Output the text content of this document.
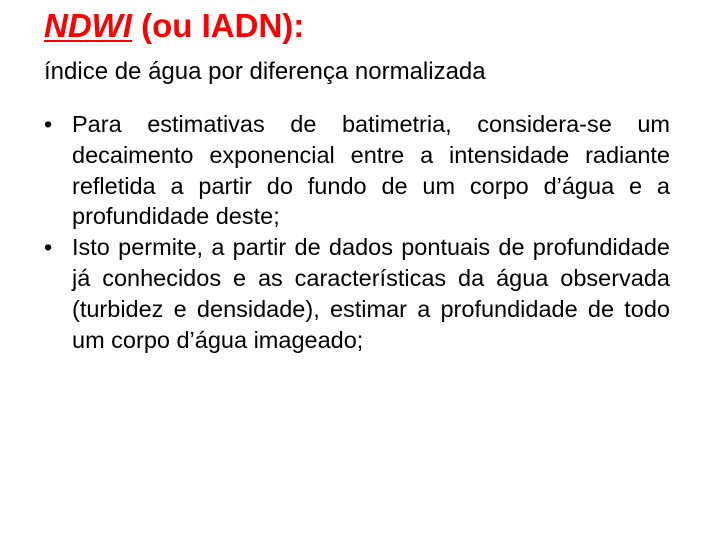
NDWI (ou IADN):
índice de água por diferença normalizada
• Para estimativas de batimetria, considera-se um decaimento exponencial entre a intensidade radiante refletida a partir do fundo de um corpo d’água e a profundidade deste;
• Isto permite, a partir de dados pontuais de profundidade já conhecidos e as características da água observada (turbidez e densidade), estimar a profundidade de todo um corpo d’água imageado;
